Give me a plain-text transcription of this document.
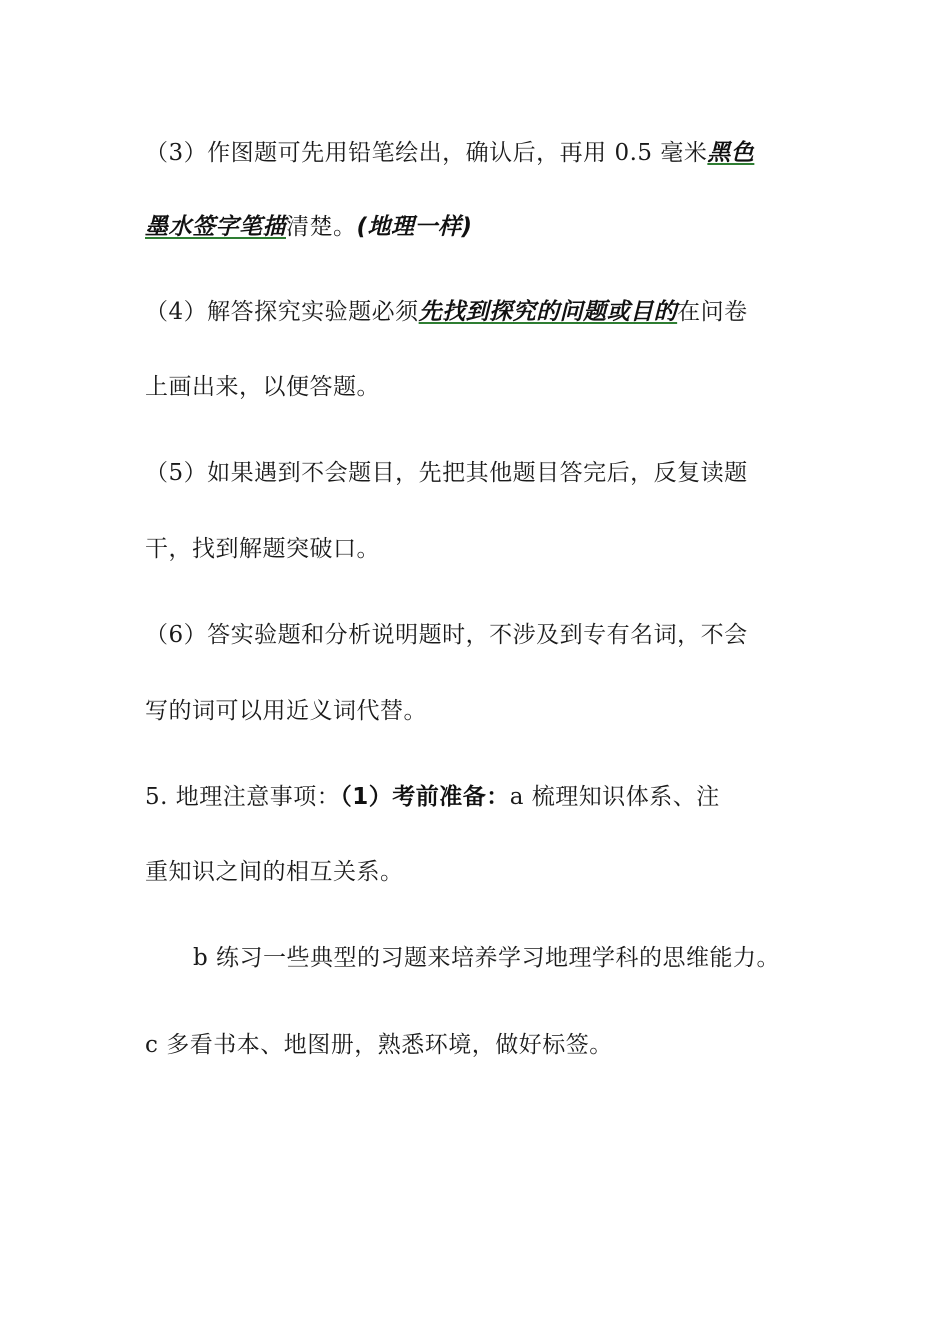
（3）作图题可先用铅笔绘出，确认后，再用 0.5 毫米黑色
墨水签字笔描清楚。(地理一样)
（4）解答探究实验题必须先找到探究的问题或目的在问卷
上画出来，以便答题。
（5）如果遇到不会题目，先把其他题目答完后，反复读题
干，找到解题突破口。
（6）答实验题和分析说明题时，不涉及到专有名词，不会
写的词可以用近义词代替。
5. 地理注意事项：（1）考前准备：a 梳理知识体系、注
重知识之间的相互关系。
b 练习一些典型的习题来培养学习地理学科的思维能力。
c 多看书本、地图册，熟悉环境，做好标签。
